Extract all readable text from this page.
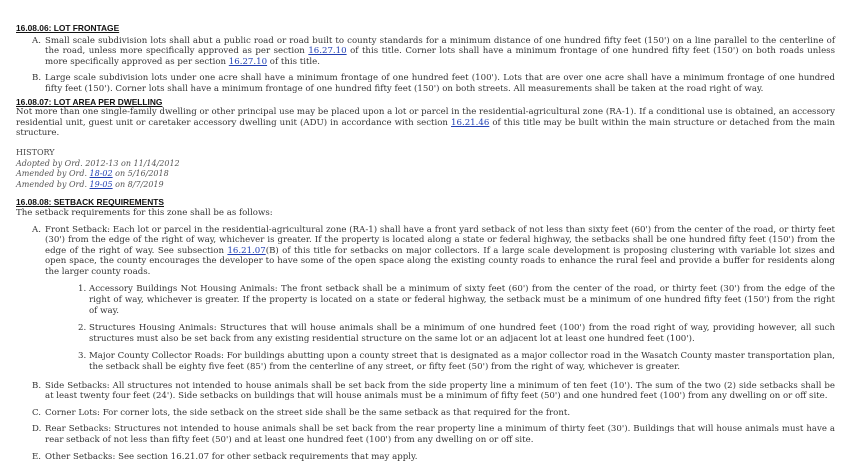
16.08.06: LOT FRONTAGE
A. Small scale subdivision lots shall abut a public road or road built to county standards for a minimum distance of one hundred fifty feet (150') on a line parallel to the centerline of the road, unless more specifically approved as per section 16.27.10 of this title. Corner lots shall have a minimum frontage of one hundred fifty feet (150') on both roads unless more specifically approved as per section 16.27.10 of this title.
B. Large scale subdivision lots under one acre shall have a minimum frontage of one hundred feet (100'). Lots that are over one acre shall have a minimum frontage of one hundred fifty feet (150'). Corner lots shall have a minimum frontage of one hundred fifty feet (150') on both streets. All measurements shall be taken at the road right of way.
16.08.07: LOT AREA PER DWELLING

Not more than one single-family dwelling or other principal use may be placed upon a lot or parcel in the residential-agricultural zone (RA-1). If a conditional use is obtained, an accessory residential unit, guest unit or caretaker accessory dwelling unit (ADU) in accordance with section 16.21.46 of this title may be built within the main structure or detached from the main structure.

HISTORY
Adopted by Ord. 2012-13 on 11/14/2012
Amended by Ord. 18-02 on 5/16/2018
Amended by Ord. 19-05 on 8/7/2019
16.08.08: SETBACK REQUIREMENTS

The setback requirements for this zone shall be as follows:

A. Front Setback: Each lot or parcel in the residential-agricultural zone (RA-1) shall have a front yard setback of not less than sixty feet (60') from the center of the road, or thirty feet (30') from the edge of the right of way, whichever is greater. If the property is located along a state or federal highway, the setbacks shall be one hundred fifty feet (150') from the edge of the right of way. See subsection 16.21.07(B) of this title for setbacks on major collectors. If a large scale development is proposing clustering with variable lot sizes and open space, the county encourages the developer to have some of the open space along the existing county roads to enhance the rural feel and provide a buffer for residents along the larger county roads.
1. Accessory Buildings Not Housing Animals: The front setback shall be a minimum of sixty feet (60') from the center of the road, or thirty feet (30') from the edge of the right of way, whichever is greater. If the property is located on a state or federal highway, the setback must be a minimum of one hundred fifty feet (150') from the right of way.
2. Structures Housing Animals: Structures that will house animals shall be a minimum of one hundred feet (100') from the road right of way, providing however, all such structures must also be set back from any existing residential structure on the same lot or an adjacent lot at least one hundred feet (100').
3. Major County Collector Roads: For buildings abutting upon a county street that is designated as a major collector road in the Wasatch County master transportation plan, the setback shall be eighty five feet (85') from the centerline of any street, or fifty feet (50') from the right of way, whichever is greater.
B. Side Setbacks: All structures not intended to house animals shall be set back from the side property line a minimum of ten feet (10'). The sum of the two (2) side setbacks shall be at least twenty four feet (24'). Side setbacks on buildings that will house animals must be a minimum of fifty feet (50') and one hundred feet (100') from any dwelling on or off site.
C. Corner Lots: For corner lots, the side setback on the street side shall be the same setback as that required for the front.
D. Rear Setbacks: Structures not intended to house animals shall be set back from the rear property line a minimum of thirty feet (30'). Buildings that will house animals must have a rear setback of not less than fifty feet (50') and at least one hundred feet (100') from any dwelling on or off site.
E. Other Setbacks: See section 16.21.07 for other setback requirements that may apply.
